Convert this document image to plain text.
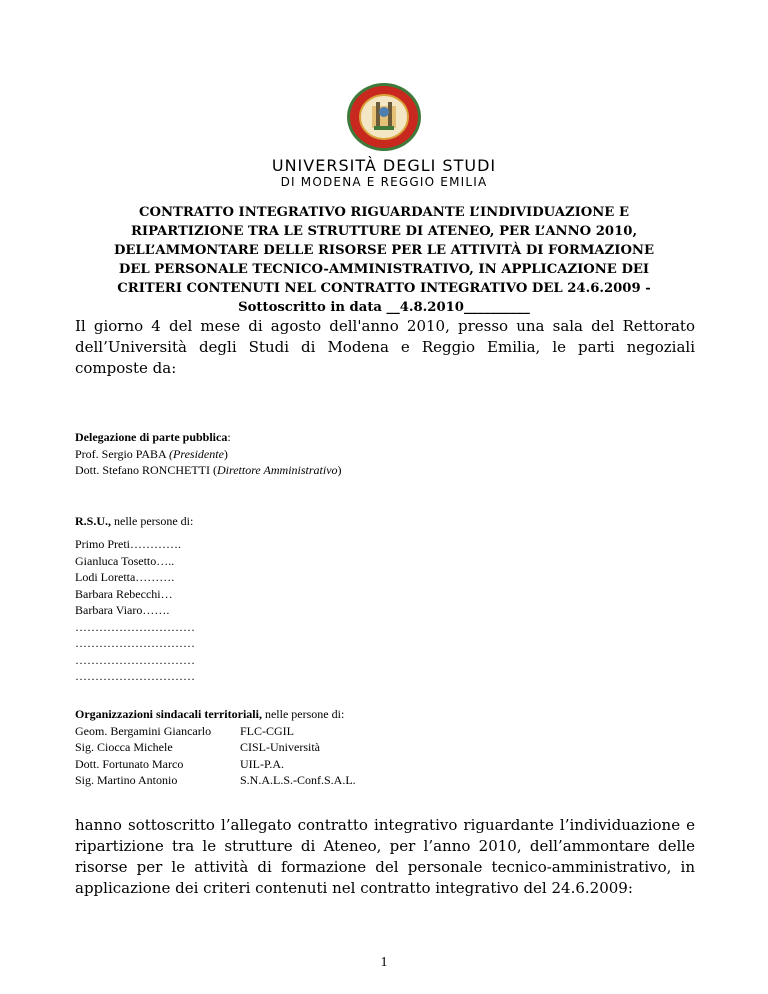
UNIVERSITÀ DEGLI STUDI
DI MODENA E REGGIO EMILIA
CONTRATTO INTEGRATIVO RIGUARDANTE L’INDIVIDUAZIONE E
RIPARTIZIONE TRA LE STRUTTURE DI ATENEO, PER L’ANNO 2010,
DELL’AMMONTARE DELLE RISORSE PER LE ATTIVITÀ DI FORMAZIONE
DEL PERSONALE TECNICO-AMMINISTRATIVO, IN APPLICAZIONE DEI
CRITERI CONTENUTI NEL CONTRATTO INTEGRATIVO DEL 24.6.2009 -
Sottoscritto in data __4.8.2010__________
Il giorno 4 del mese di agosto dell'anno 2010, presso una sala del Rettorato dell’Università degli Studi di Modena e Reggio Emilia, le parti negoziali composte da:
Delegazione di parte pubblica:
Prof. Sergio PABA (Presidente)
Dott. Stefano RONCHETTI (Direttore Amministrativo)
R.S.U., nelle persone di:
Primo Preti………….
Gianluca Tosetto…..
Lodi Loretta……….
Barbara Rebecchi…
Barbara Viaro…….
…………………………
…………………………
…………………………
…………………………
Organizzazioni sindacali territoriali, nelle persone di:
Geom. Bergamini Giancarlo FLC-CGIL
Sig. Ciocca Michele	CISL-Università
Dott. Fortunato Marco	UIL-P.A.
Sig. Martino Antonio	S.N.A.L.S.-Conf.S.A.L.
hanno sottoscritto l’allegato contratto integrativo riguardante l’individuazione e ripartizione tra le strutture di Ateneo, per l’anno 2010, dell’ammontare delle risorse per le attività di formazione del personale tecnico-amministrativo, in applicazione dei criteri contenuti nel contratto integrativo del 24.6.2009:
1
